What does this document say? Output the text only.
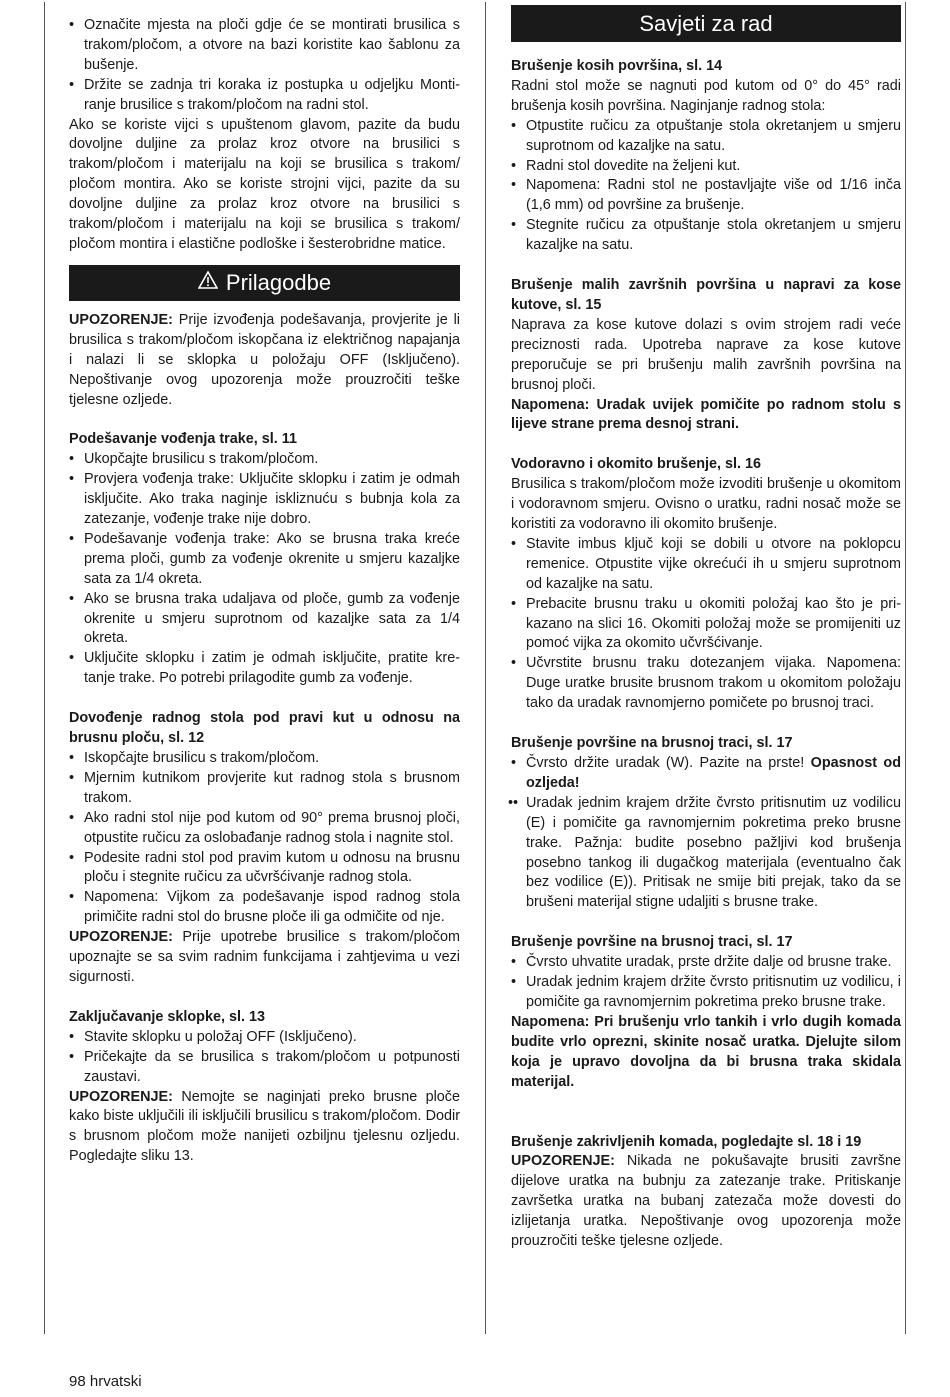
• Označite mjesta na ploči gdje će se montirati brusilica s trakom/pločom, a otvore na bazi koristite kao šablonu za bušenje.
• Držite se zadnja tri koraka iz postupka u odjeljku Montiranje brusilice s trakom/pločom na radni stol.

Ako se koriste vijci s upuštenom glavom, pazite da budu dovoljne duljine za prolaz kroz otvore na brusilici s trakom/pločom i materijalu na koji se brusilica s trakom/ pločom montira. Ako se koriste strojni vijci, pazite da su dovoljne duljine za prolaz kroz otvore na brusilici s trakom/pločom i materijalu na koji se brusilica s trakom/ pločom montira i elastične podloške i šesterobridne matice.

Prilagodbe

UPOZORENJE: Prije izvođenja podešavanja, provjerite je li brusilica s trakom/pločom iskopčana iz električnog napajanja i nalazi li se sklopka u položaju OFF (Isključeno). Nepoštivanje ovog upozorenja može prouzročiti teške tjelesne ozljede.

Podešavanje vođenja trake, sl. 11

• Ukopčajte brusilicu s trakom/pločom.
• Provjera vođenja trake: Uključite sklopku i zatim je odmah isključite. Ako traka naginje iskliznuću s bubnja kola za zatezanje, vođenje trake nije dobro.
• Podešavanje vođenja trake: Ako se brusna traka kreće prema ploči, gumb za vođenje okrenite u smjeru kazaljke sata za 1/4 okreta.
• Ako se brusna traka udaljava od ploče, gumb za vođenje okrenite u smjeru suprotnom od kazaljke sata za 1/4 okreta.
• Uključite sklopku i zatim je odmah isključite, pratite kretanje trake. Po potrebi prilagodite gumb za vođenje.

Dovođenje radnog stola pod pravi kut u odnosu na brusnu ploču, sl. 12

• Iskopčajte brusilicu s trakom/pločom.
• Mjernim kutnikom provjerite kut radnog stola s brusnom trakom.
• Ako radni stol nije pod kutom od 90° prema brusnoj ploči, otpustite ručicu za oslobađanje radnog stola i nagnite stol.
• Podesite radni stol pod pravim kutom u odnosu na brusnu ploču i stegnite ručicu za učvršćivanje radnog stola.
• Napomena: Vijkom za podešavanje ispod radnog stola primičite radni stol do brusne ploče ili ga odmičite od nje.

UPOZORENJE: Prije upotrebe brusilice s trakom/pločom upoznajte se sa svim radnim funkcijama i zahtjevima u vezi sigurnosti.

Zaključavanje sklopke, sl. 13

• Stavite sklopku u položaj OFF (Isključeno).
• Pričekajte da se brusilica s trakom/pločom u potpunosti zaustavi.

UPOZORENJE: Nemojte se naginjati preko brusne ploče kako biste uključili ili isključili brusilicu s trakom/pločom. Dodir s brusnom pločom može nanijeti ozbiljnu tjelesnu ozljedu. Pogledajte sliku 13.

Savjeti za rad

Brušenje kosih površina, sl. 14

Radni stol može se nagnuti pod kutom od 0° do 45° radi brušenja kosih površina. Naginjanje radnog stola:

• Otpustite ručicu za otpuštanje stola okretanjem u smjeru suprotnom od kazaljke na satu.
• Radni stol dovedite na željeni kut.
• Napomena: Radni stol ne postavljajte više od 1/16 inča (1,6 mm) od površine za brušenje.
• Stegnite ručicu za otpuštanje stola okretanjem u smjeru kazaljke na satu.

Brušenje malih završnih površina u napravi za kose kutove, sl. 15

Naprava za kose kutove dolazi s ovim strojem radi veće preciznosti rada. Upotreba naprave za kose kutove preporučuje se pri brušenju malih završnih površina na brusnoj ploči.

Napomena: Uradak uvijek pomičite po radnom stolu s lijeve strane prema desnoj strani.

Vodoravno i okomito brušenje, sl. 16

Brusilica s trakom/pločom može izvoditi brušenje u okomitom i vodoravnom smjeru. Ovisno o uratku, radni nosač može se koristiti za vodoravno ili okomito brušenje.

• Stavite imbus ključ koji se dobili u otvore na poklopcu remenice. Otpustite vijke okrećući ih u smjeru suprotnom od kazaljke na satu.
• Prebacite brusnu traku u okomiti položaj kao što je prikazano na slici 16. Okomiti položaj može se promijeniti uz pomoć vijka za okomito učvršćivanje.
• Učvrstite brusnu traku dotezanjem vijaka. Napomena: Duge uratke brusite brusnom trakom u okomitom položaju tako da uradak ravnomjerno pomičete po brusnoj traci.

Brušenje površine na brusnoj traci, sl. 17

• Čvrsto držite uradak (W). Pazite na prste! Opasnost od ozljeda!
•• Uradak jednim krajem držite čvrsto pritisnutim uz vodilicu (E) i pomičite ga ravnomjernim pokretima preko brusne trake. Pažnja: budite posebno pažljivi kod brušenja posebno tankog ili dugačkog materijala (eventualno čak bez vodilice (E)). Pritisak ne smije biti prejak, tako da se brušeni materijal stigne udaljiti s brusne trake.

Brušenje površine na brusnoj traci, sl. 17

• Čvrsto uhvatite uradak, prste držite dalje od brusne trake.
• Uradak jednim krajem držite čvrsto pritisnutim uz vodilicu, i pomičite ga ravnomjernim pokretima preko brusne trake.

Napomena: Pri brušenju vrlo tankih i vrlo dugih komada budite vrlo oprezni, skinite nosač uratka. Djelujte silom koja je upravo dovoljna da bi brusna traka skidala materijal.

Brušenje zakrivljenih komada, pogledajte sl. 18 i 19

UPOZORENJE: Nikada ne pokušavajte brusiti završne dijelove uratka na bubnju za zatezanje trake. Pritiskanje završetka uratka na bubanj zatezača može dovesti do izlijetanja uratka. Nepoštivanje ovog upozorenja može prouzročiti teške tjelesne ozljede.

98 hrvatski
